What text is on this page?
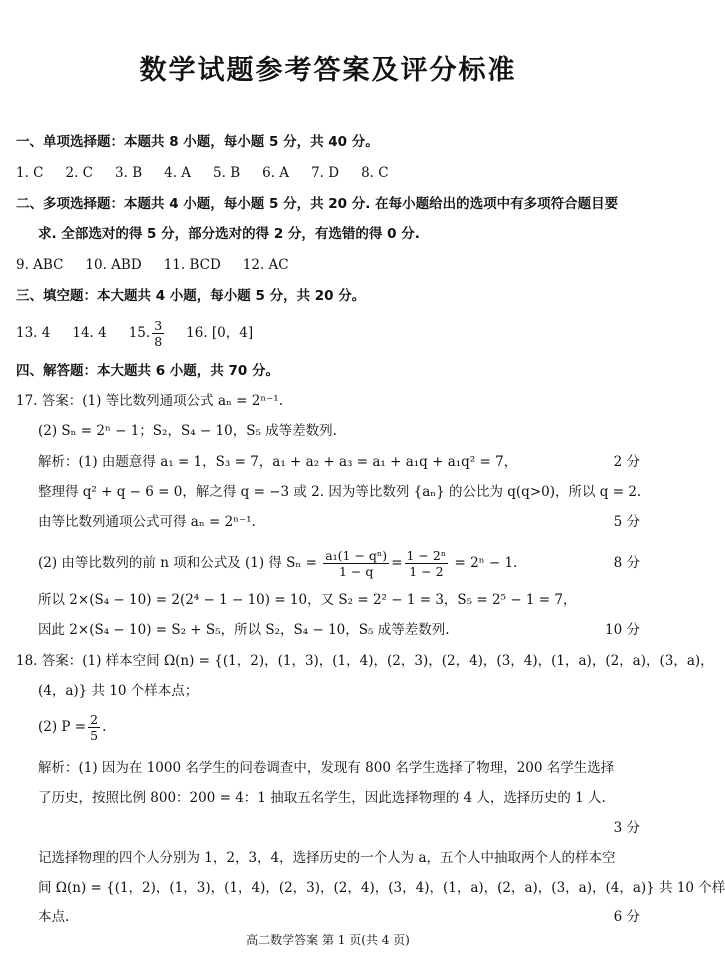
数学试题参考答案及评分标准
一、单项选择题：本题共 8 小题，每小题 5 分，共 40 分。
1. C 2. C 3. B 4. A 5. B 6. A 7. D 8. C
二、多项选择题：本题共 4 小题，每小题 5 分，共 20 分. 在每小题给出的选项中有多项符合题目要
求. 全部选对的得 5 分，部分选对的得 2 分，有选错的得 0 分.
9. ABC 10. ABD 11. BCD 12. AC
三、填空题：本大题共 4 小题，每小题 5 分，共 20 分。
13. 4 14. 4 15. $\frac{3}{8} 16$. [0，4]
四、解答题：本大题共 6 小题，共 70 分。
17. 答案：(1) 等比数列通项公式 aₙ = 2ⁿ⁻¹.
(2) Sₙ = 2ⁿ − 1；S₂，S₄ − 10，S₅ 成等差数列.
解析：(1) 由题意得 a₁ = 1，S₃ = 7，a₁ + a₂ + a₃ = a₁ + a₁q + a₁q² = 7，	2 分
整理得 q² + q − 6 = 0，解之得 q = −3 或 2. 因为等比数列 {aₙ} 的公比为 q(q>0)，所以 q = 2.
由等比数列通项公式可得 aₙ = 2ⁿ⁻¹.	5 分
(2) 由等比数列的前 n 项和公式及 (1) 得 $S_n = \frac{\text{a₁(1 − qⁿ)}}{1 - q} = \frac{\text{1 − 2ⁿ}}{1 - 2} = 2^n - 1$.	8 分
所以 2×(S₄ − 10) = 2(2⁴ − 1 − 10) = 10，又 S₂ = 2² − 1 = 3，S₅ = 2⁵ − 1 = 7，
因此 2×(S₄ − 10) = S₂ + S₅，所以 S₂，S₄ − 10，S₅ 成等差数列.	10 分
18. 答案：(1) 样本空间 Ω(n) = {(1，2)，(1，3)，(1，4)，(2，3)，(2，4)，(3，4)，(1，a)，(2，a)，(3，a)，
(4，a)} 共 10 个样本点；
(2) $P = \frac{2}{5}$ .
解析：(1) 因为在 1000 名学生的问卷调查中，发现有 800 名学生选择了物理，200 名学生选择
了历史，按照比例 800：200 = 4：1 抽取五名学生，因此选择物理的 4 人，选择历史的 1 人.
3 分
记选择物理的四个人分别为 1，2，3，4，选择历史的一个人为 a，五个人中抽取两个人的样本空
间 Ω(n) = {(1，2)，(1，3)，(1，4)，(2，3)，(2，4)，(3，4)，(1，a)，(2，a)，(3，a)，(4，a)} 共 10 个样
本点.	6 分
高二数学答案 第 1 页(共 4 页)
